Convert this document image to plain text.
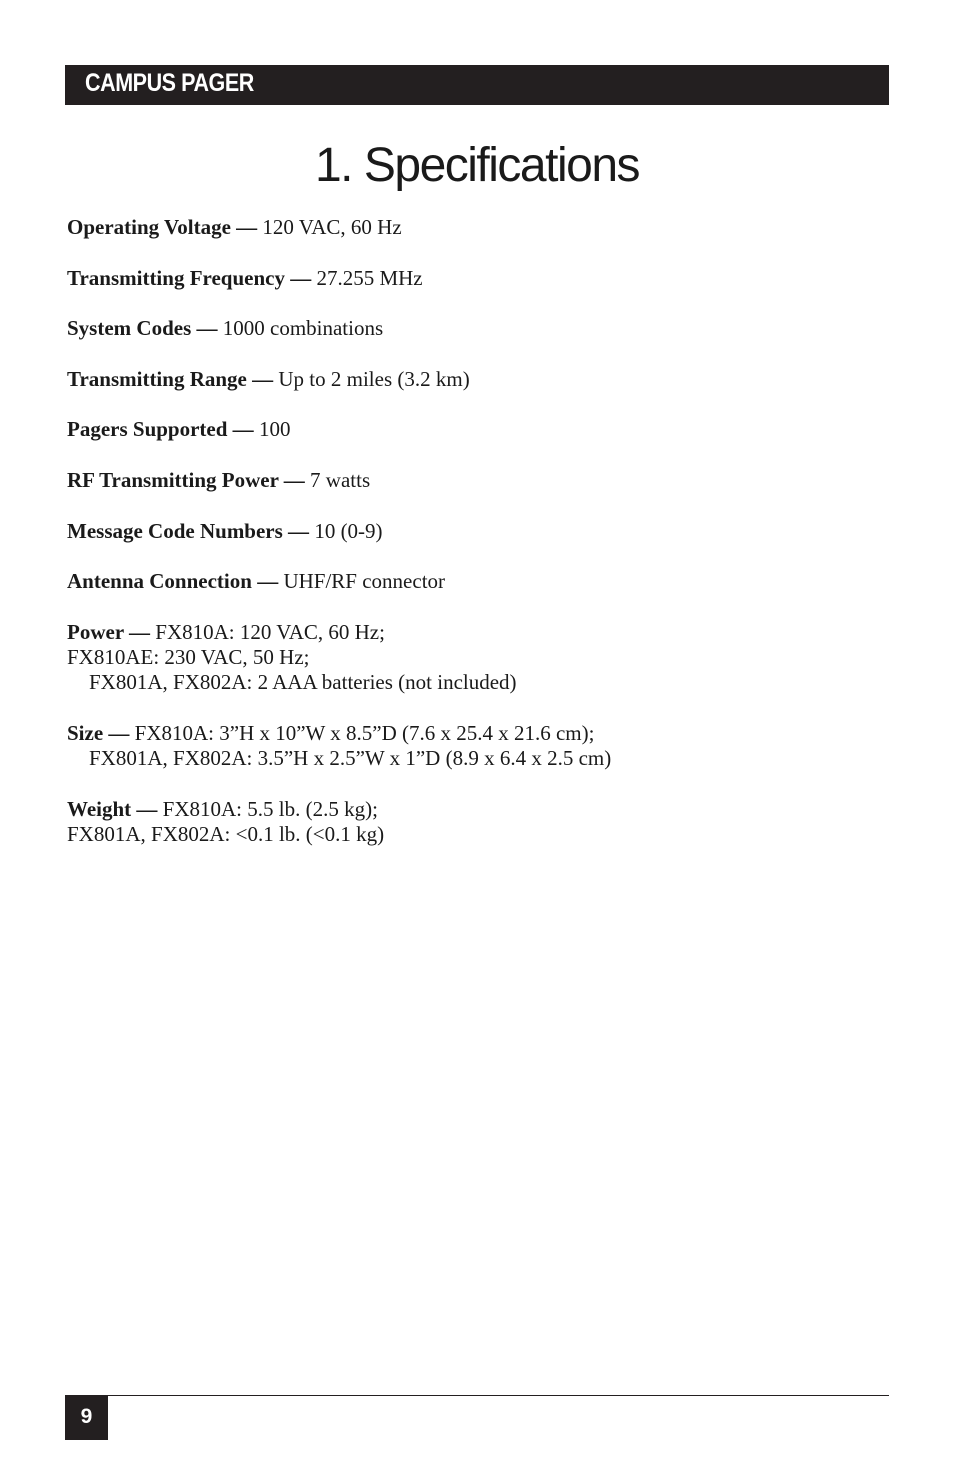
CAMPUS PAGER
1. Specifications
Operating Voltage — 120 VAC, 60 Hz
Transmitting Frequency — 27.255 MHz
System Codes — 1000 combinations
Transmitting Range — Up to 2 miles (3.2 km)
Pagers Supported — 100
RF Transmitting Power — 7 watts
Message Code Numbers — 10 (0-9)
Antenna Connection — UHF/RF connector
Power — FX810A: 120 VAC, 60 Hz;
FX810AE: 230 VAC, 50 Hz;
FX801A, FX802A: 2 AAA batteries (not included)
Size — FX810A: 3”H x 10”W x 8.5”D (7.6 x 25.4 x 21.6 cm);
FX801A, FX802A: 3.5”H x 2.5”W x 1”D (8.9 x 6.4 x 2.5 cm)
Weight — FX810A: 5.5 lb. (2.5 kg);
FX801A, FX802A: <0.1 lb. (<0.1 kg)
9
